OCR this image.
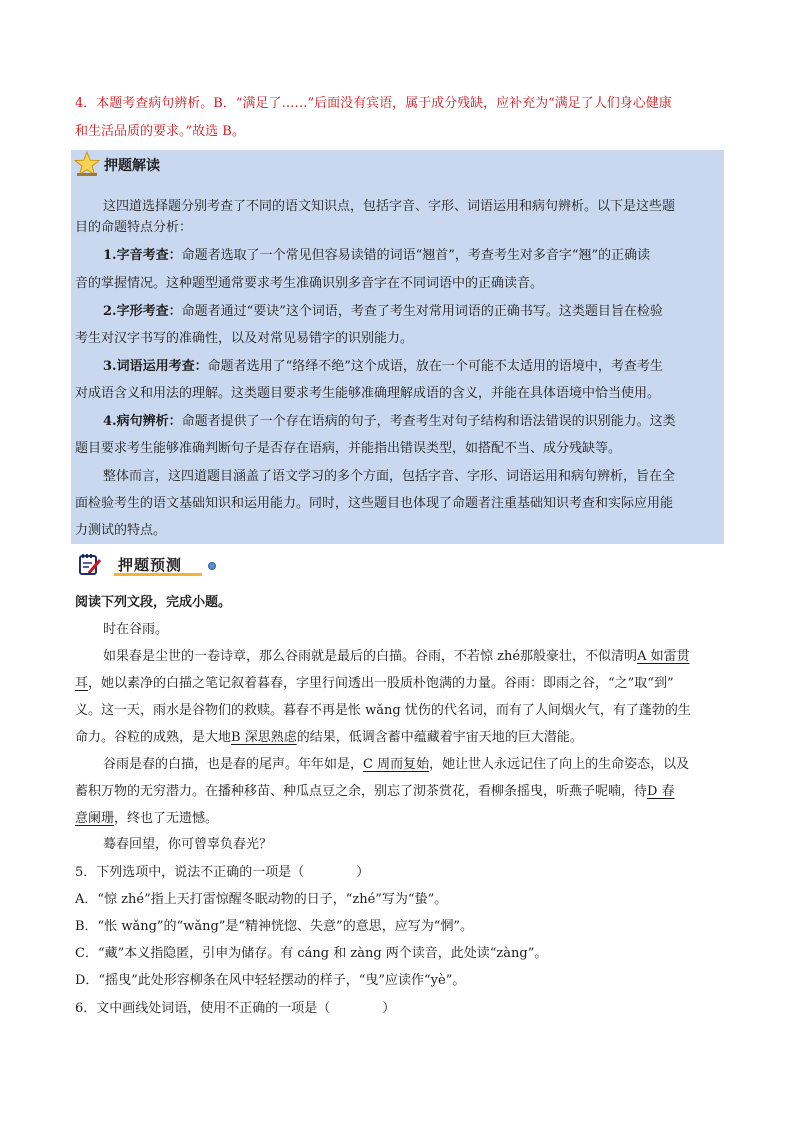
4．本题考查病句辨析。B．“满足了……”后面没有宾语，属于成分残缺，应补充为“满足了人们身心健康
和生活品质的要求。”故选 B。
押题解读
这四道选择题分别考查了不同的语文知识点，包括字音、字形、词语运用和病句辨析。以下是这些题
目的命题特点分析：
1.字音考查：命题者选取了一个常见但容易读错的词语“翘首”，考查考生对多音字“翘”的正确读
音的掌握情况。这种题型通常要求考生准确识别多音字在不同词语中的正确读音。
2.字形考查：命题者通过“要诀”这个词语，考查了考生对常用词语的正确书写。这类题目旨在检验
考生对汉字书写的准确性，以及对常见易错字的识别能力。
3.词语运用考查：命题者选用了“络绎不绝”这个成语，放在一个可能不太适用的语境中，考查考生
对成语含义和用法的理解。这类题目要求考生能够准确理解成语的含义，并能在具体语境中恰当使用。
4.病句辨析：命题者提供了一个存在语病的句子，考查考生对句子结构和语法错误的识别能力。这类
题目要求考生能够准确判断句子是否存在语病，并能指出错误类型，如搭配不当、成分残缺等。
整体而言，这四道题目涵盖了语文学习的多个方面，包括字音、字形、词语运用和病句辨析，旨在全
面检验考生的语文基础知识和运用能力。同时，这些题目也体现了命题者注重基础知识考查和实际应用能
力测试的特点。
押题预测
阅读下列文段，完成小题。
时在谷雨。
如果春是尘世的一卷诗章，那么谷雨就是最后的白描。谷雨，不若惊 zhé那般豪壮，不似清明A 如雷贯
耳，她以素净的白描之笔记叙着暮春，字里行间透出一股质朴饱满的力量。谷雨：即雨之谷，“之”取“到”
义。这一天，雨水是谷物们的救赎。暮春不再是怅 wǎng 忧伤的代名词，而有了人间烟火气，有了蓬勃的生
命力。谷粒的成熟，是大地B 深思熟虑的结果，低调含蓄中蕴藏着宇宙天地的巨大潜能。
谷雨是春的白描，也是春的尾声。年年如是，C 周而复始，她让世人永远记住了向上的生命姿态，以及
蓄积万物的无穷潜力。在播种移苗、种瓜点豆之余，别忘了沏茶赏花，看柳条摇曳，听燕子呢喃，待D 春
意阑珊，终也了无遗憾。
蓦春回望，你可曾辜负春光？
5．下列选项中，说法不正确的一项是（　　　　）
A．“惊 zhé”指上天打雷惊醒冬眠动物的日子，“zhé”写为“蛰”。
B．“怅 wǎng”的“wǎng”是“精神恍惚、失意”的意思，应写为“惘”。
C．“藏”本义指隐匿，引申为储存。有 cáng 和 zàng 两个读音，此处读“zàng”。
D．“摇曳”此处形容柳条在风中轻轻摆动的样子，“曳”应读作“yè”。
6．文中画线处词语，使用不正确的一项是（　　　　）
